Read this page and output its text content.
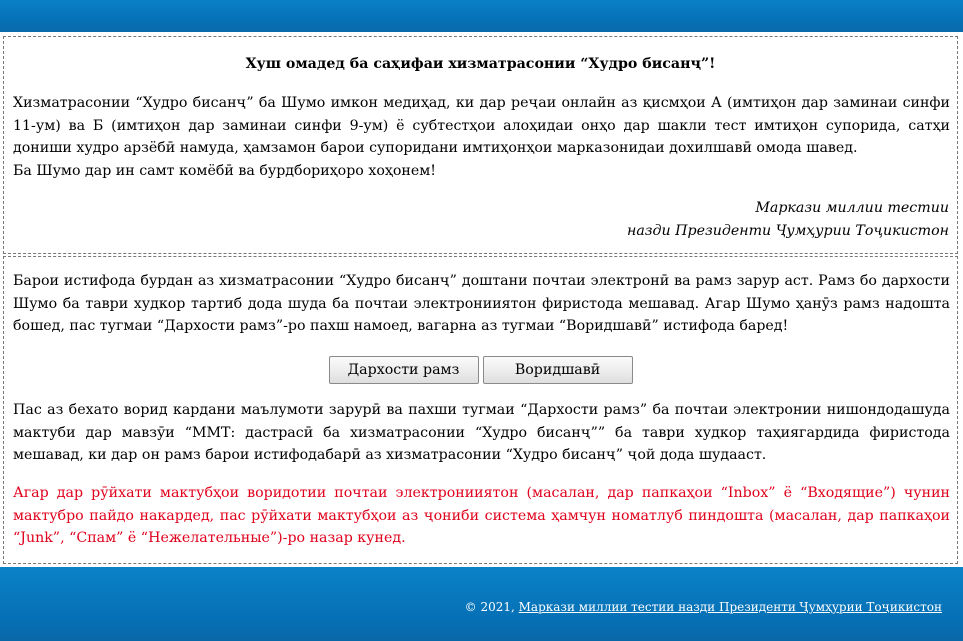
Хуш омадед ба саҳифаи хизматрасонии “Худро бисанҷ”!
Хизматрасонии “Худро бисанҷ” ба Шумо имкон медиҳад, ки дар реҷаи онлайн аз қисмҳои А (имтиҳон дар заминаи синфи 11-ум) ва Б (имтиҳон дар заминаи синфи 9-ум) ё субтестҳои алоҳидаи онҳо дар шакли тест имтиҳон супорида, сатҳи дониши худро арзёбӣ намуда, ҳамзамон барои супоридани имтиҳонҳои марказонидаи дохилшавӣ омода шавед.
Ба Шумо дар ин самт комёбӣ ва бурдбориҳоро хоҳонем!
Маркази миллии тестии
назди Президенти Ҷумҳурии Тоҷикистон

Барои истифода бурдан аз хизматрасонии “Худро бисанҷ” доштани почтаи электронӣ ва рамз зарур аст. Рамз бо дархости Шумо ба таври худкор тартиб дода шуда ба почтаи электронииятон фиристода мешавад. Агар Шумо ҳанӯз рамз надошта бошед, пас тугмаи “Дархости рамз”-ро пахш намоед, вагарна аз тугмаи “Воридшавӣ” истифода баред!

Дархости рамз	Воридшавӣ

Пас аз бехато ворид кардани маълумоти зарурӣ ва пахши тугмаи “Дархости рамз” ба почтаи электронии нишондодашуда мактуби дар мавзӯи “ММТ: дастрасӣ ба хизматрасонии “Худро бисанҷ”” ба таври худкор таҳиягардида фиристода мешавад, ки дар он рамз барои истифодабарӣ аз хизматрасонии “Худро бисанҷ” ҷой дода шудааст.

Агар дар рӯйхати мактубҳои воридотии почтаи электронииятон (масалан, дар папкаҳои “Inbox” ё “Входящие”) чунин мактубро пайдо накардед, пас рӯйхати мактубҳои аз ҷониби система ҳамчун номатлуб пиндошта (масалан, дар папкаҳои “Junk”, “Спам” ё “Нежелательные”)-ро назар кунед.

© 2021, Маркази миллии тестии назди Президенти Ҷумҳурии Тоҷикистон
